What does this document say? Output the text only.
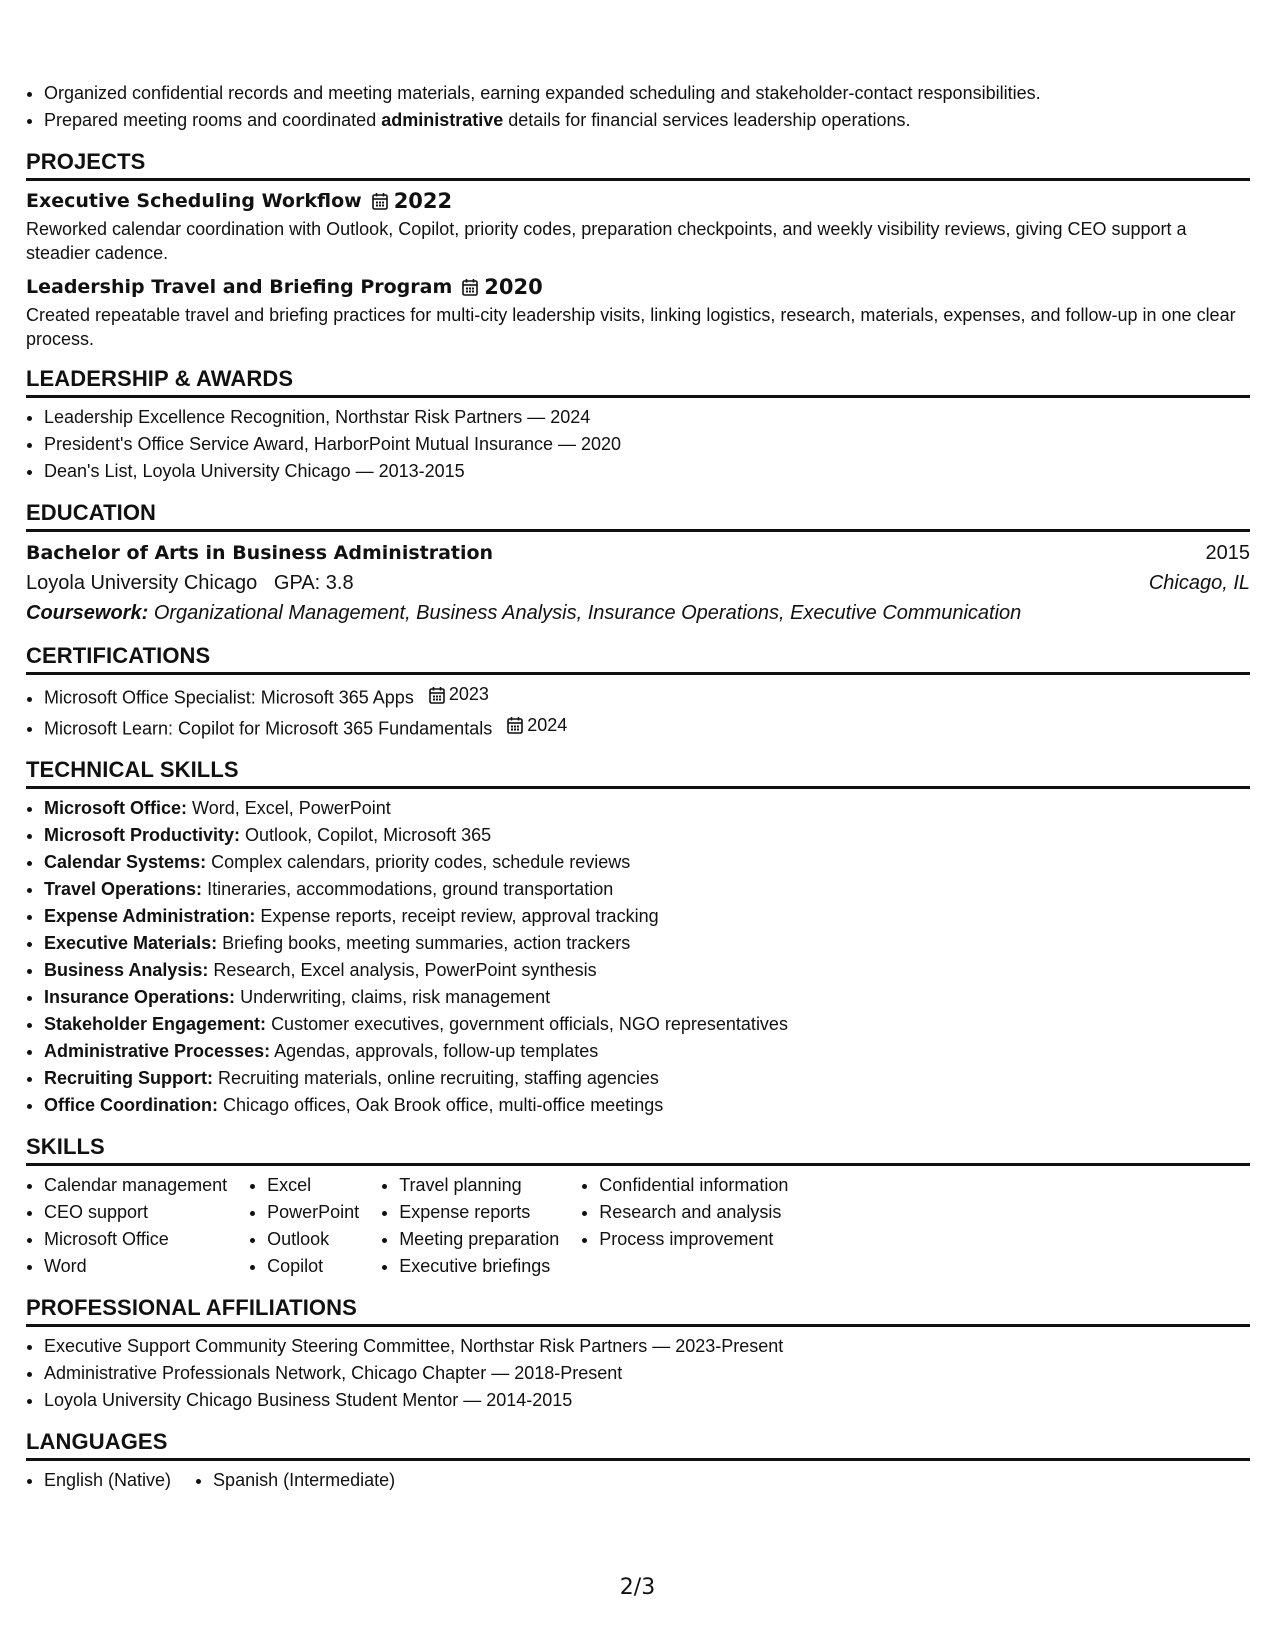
• Organized confidential records and meeting materials, earning expanded scheduling and stakeholder-contact responsibilities.
• Prepared meeting rooms and coordinated administrative details for financial services leadership operations.
PROJECTS
Executive Scheduling Workflow 2022
Reworked calendar coordination with Outlook, Copilot, priority codes, preparation checkpoints, and weekly visibility reviews, giving CEO support a steadier cadence.
Leadership Travel and Briefing Program 2020
Created repeatable travel and briefing practices for multi-city leadership visits, linking logistics, research, materials, expenses, and follow-up in one clear process.
LEADERSHIP & AWARDS
• Leadership Excellence Recognition, Northstar Risk Partners — 2024
• President's Office Service Award, HarborPoint Mutual Insurance — 2020
• Dean's List, Loyola University Chicago — 2013-2015
EDUCATION
Bachelor of Arts in Business Administration	2015
Loyola University Chicago GPA: 3.8	Chicago, IL
Coursework: Organizational Management, Business Analysis, Insurance Operations, Executive Communication
CERTIFICATIONS
• Microsoft Office Specialist: Microsoft 365 Apps 2023
• Microsoft Learn: Copilot for Microsoft 365 Fundamentals 2024
TECHNICAL SKILLS
• Microsoft Office: Word, Excel, PowerPoint
• Microsoft Productivity: Outlook, Copilot, Microsoft 365
• Calendar Systems: Complex calendars, priority codes, schedule reviews
• Travel Operations: Itineraries, accommodations, ground transportation
• Expense Administration: Expense reports, receipt review, approval tracking
• Executive Materials: Briefing books, meeting summaries, action trackers
• Business Analysis: Research, Excel analysis, PowerPoint synthesis
• Insurance Operations: Underwriting, claims, risk management
• Stakeholder Engagement: Customer executives, government officials, NGO representatives
• Administrative Processes: Agendas, approvals, follow-up templates
• Recruiting Support: Recruiting materials, online recruiting, staffing agencies
• Office Coordination: Chicago offices, Oak Brook office, multi-office meetings
SKILLS
• Calendar management
• CEO support
• Microsoft Office
• Word
• Excel
• PowerPoint
• Outlook
• Copilot
• Travel planning
• Expense reports
• Meeting preparation
• Executive briefings
• Confidential information
• Research and analysis
• Process improvement
PROFESSIONAL AFFILIATIONS
• Executive Support Community Steering Committee, Northstar Risk Partners — 2023-Present
• Administrative Professionals Network, Chicago Chapter — 2018-Present
• Loyola University Chicago Business Student Mentor — 2014-2015
LANGUAGES
• English (Native)
• Spanish (Intermediate)
2/3
